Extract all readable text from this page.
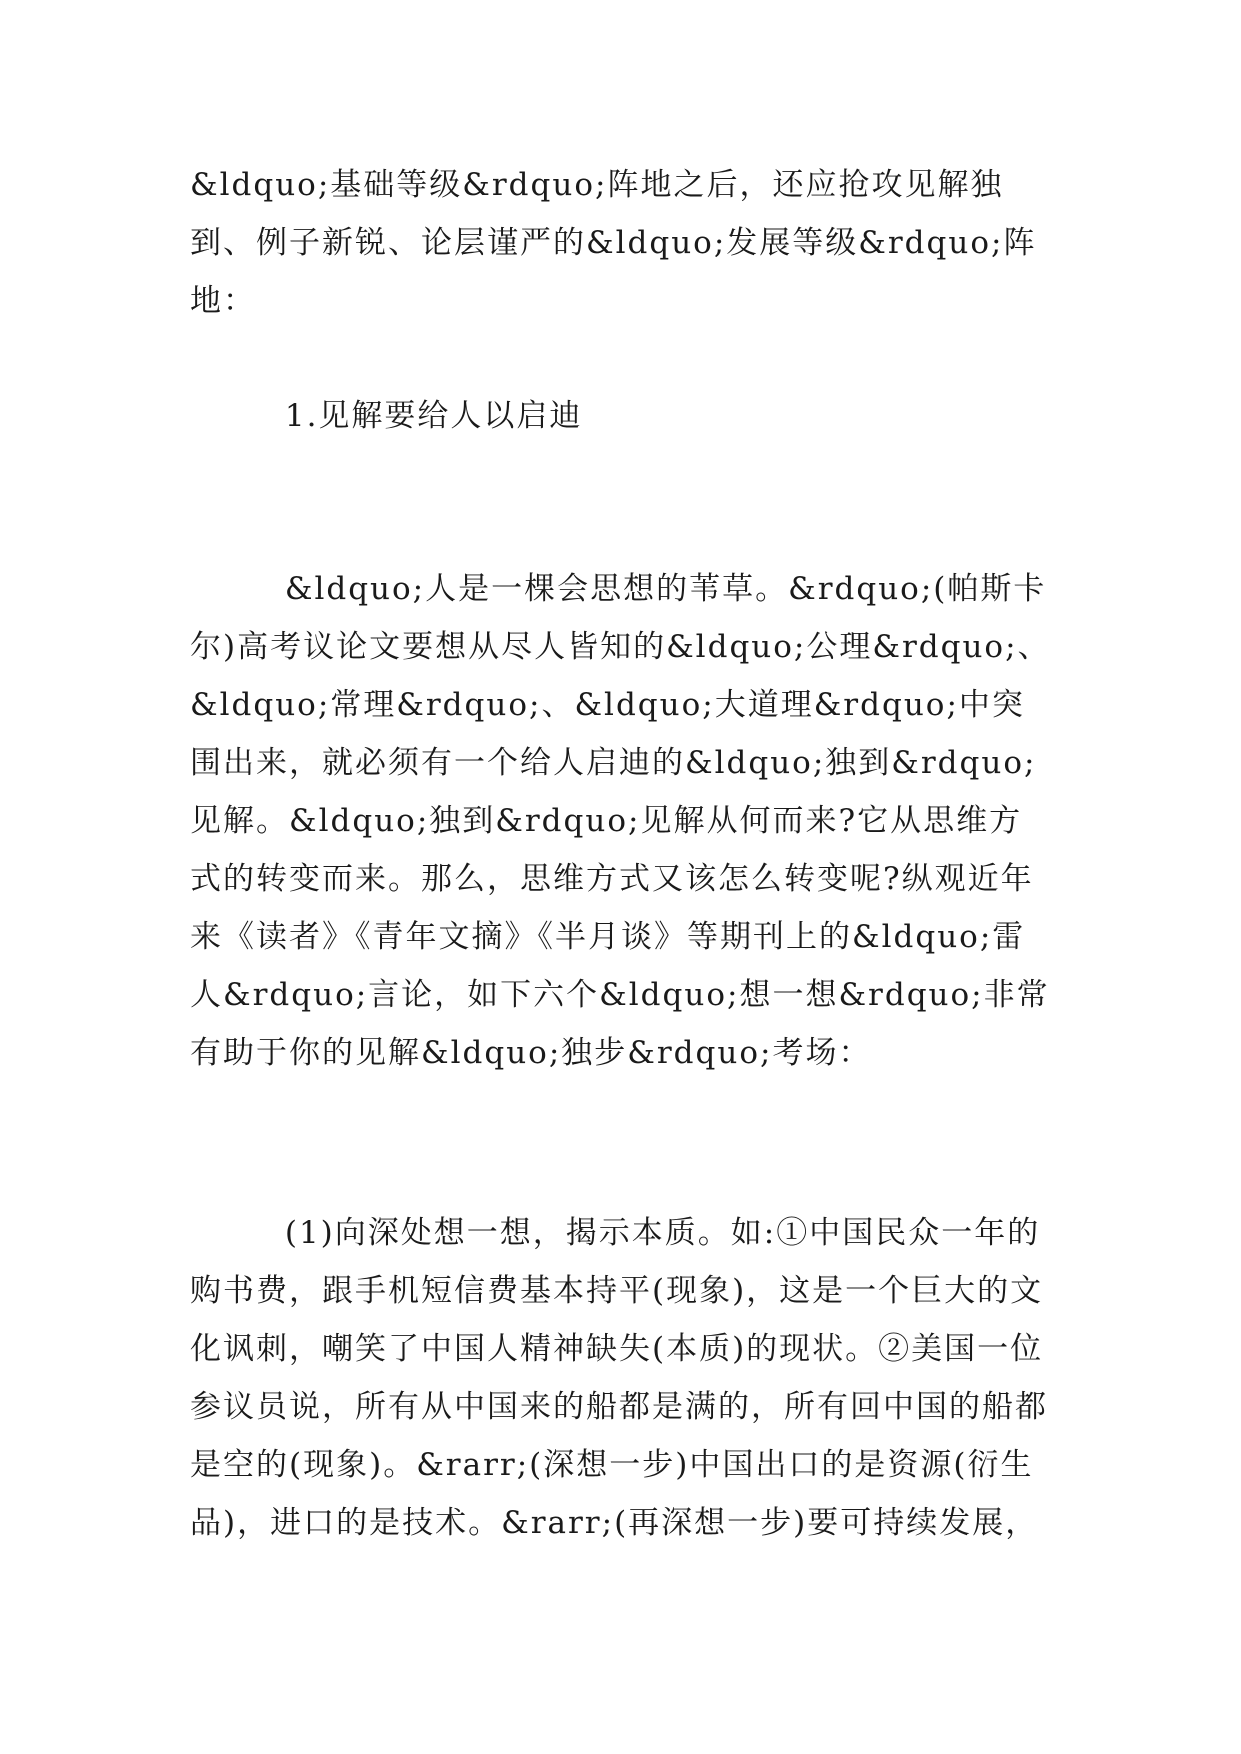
&ldquo;基础等级&rdquo;阵地之后，还应抢攻见解独到、例子新锐、论层谨严的&ldquo;发展等级&rdquo;阵地：

1.见解要给人以启迪

&ldquo;人是一棵会思想的苇草。&rdquo;(帕斯卡尔)高考议论文要想从尽人皆知的&ldquo;公理&rdquo;、&ldquo;常理&rdquo;、&ldquo;大道理&rdquo;中突围出来，就必须有一个给人启迪的&ldquo;独到&rdquo;见解。&ldquo;独到&rdquo;见解从何而来?它从思维方式的转变而来。那么，思维方式又该怎么转变呢?纵观近年来《读者》《青年文摘》《半月谈》等期刊上的&ldquo;雷人&rdquo;言论，如下六个&ldquo;想一想&rdquo;非常有助于你的见解&ldquo;独步&rdquo;考场：

(1)向深处想一想，揭示本质。如:①中国民众一年的购书费，跟手机短信费基本持平(现象)，这是一个巨大的文化讽刺，嘲笑了中国人精神缺失(本质)的现状。②美国一位参议员说，所有从中国来的船都是满的，所有回中国的船都是空的(现象)。&rarr;(深想一步)中国出口的是资源(衍生品)，进口的是技术。&rarr;(再深想一步)要可持续发展，
